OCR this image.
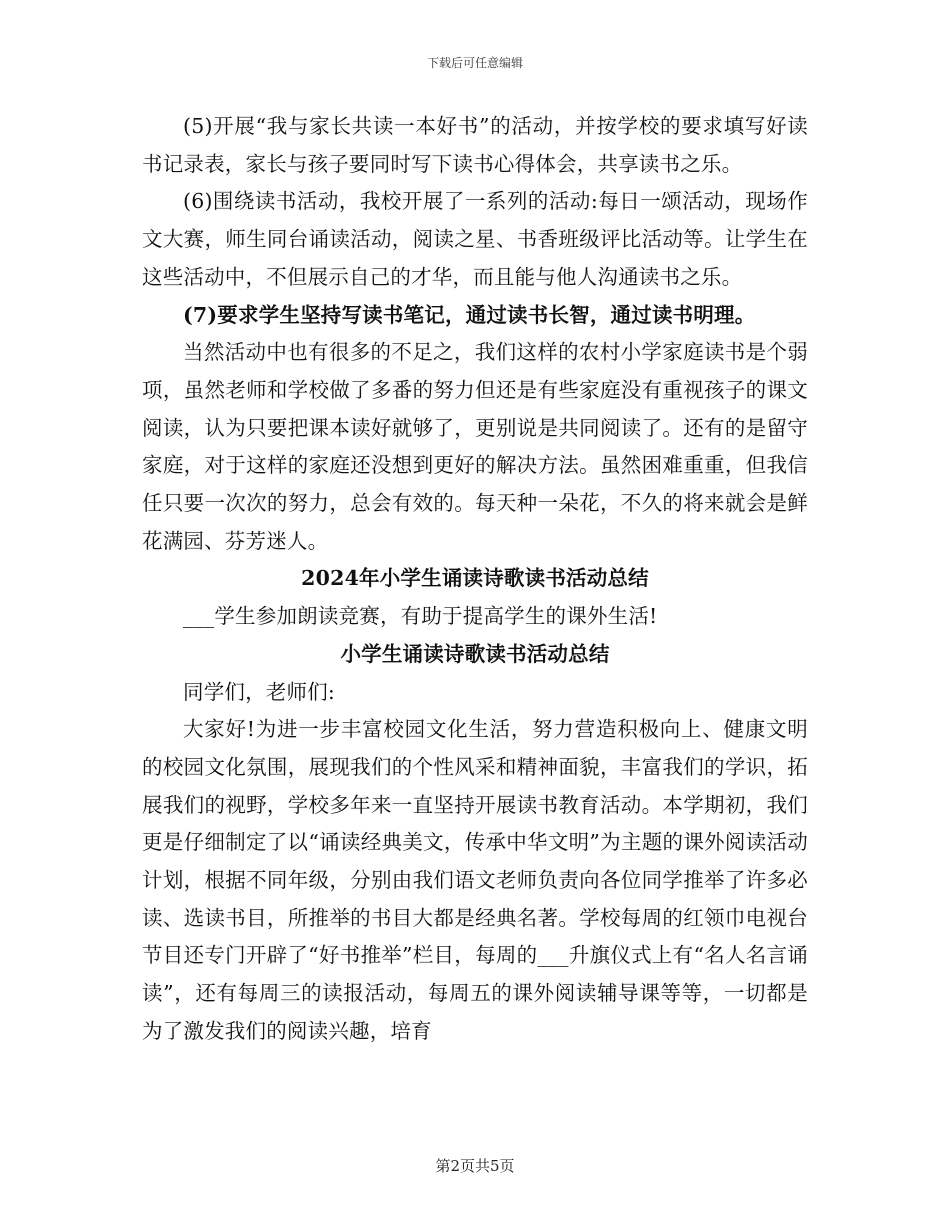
下载后可任意编辑

(5)开展“我与家长共读一本好书”的活动，并按学校的要求填写好读书记录表，家长与孩子要同时写下读书心得体会，共享读书之乐。

(6)围绕读书活动，我校开展了一系列的活动:每日一颂活动，现场作文大赛，师生同台诵读活动，阅读之星、书香班级评比活动等。让学生在这些活动中，不但展示自己的才华，而且能与他人沟通读书之乐。

(7)要求学生坚持写读书笔记，通过读书长智，通过读书明理。

当然活动中也有很多的不足之，我们这样的农村小学家庭读书是个弱项，虽然老师和学校做了多番的努力但还是有些家庭没有重视孩子的课文阅读，认为只要把课本读好就够了，更别说是共同阅读了。还有的是留守家庭，对于这样的家庭还没想到更好的解决方法。虽然困难重重，但我信任只要一次次的努力，总会有效的。每天种一朵花，不久的将来就会是鲜花满园、芬芳迷人。

2024年小学生诵读诗歌读书活动总结

___学生参加朗读竞赛，有助于提高学生的课外生活!

小学生诵读诗歌读书活动总结

同学们，老师们:

大家好!为进一步丰富校园文化生活，努力营造积极向上、健康文明的校园文化氛围，展现我们的个性风采和精神面貌，丰富我们的学识，拓展我们的视野，学校多年来一直坚持开展读书教育活动。本学期初，我们更是仔细制定了以“诵读经典美文，传承中华文明”为主题的课外阅读活动计划，根据不同年级，分别由我们语文老师负责向各位同学推举了许多必读、选读书目，所推举的书目大都是经典名著。学校每周的红领巾电视台节目还专门开辟了“好书推举”栏目，每周的___升旗仪式上有“名人名言诵读”，还有每周三的读报活动，每周五的课外阅读辅导课等等，一切都是为了激发我们的阅读兴趣，培育

第2页共5页
